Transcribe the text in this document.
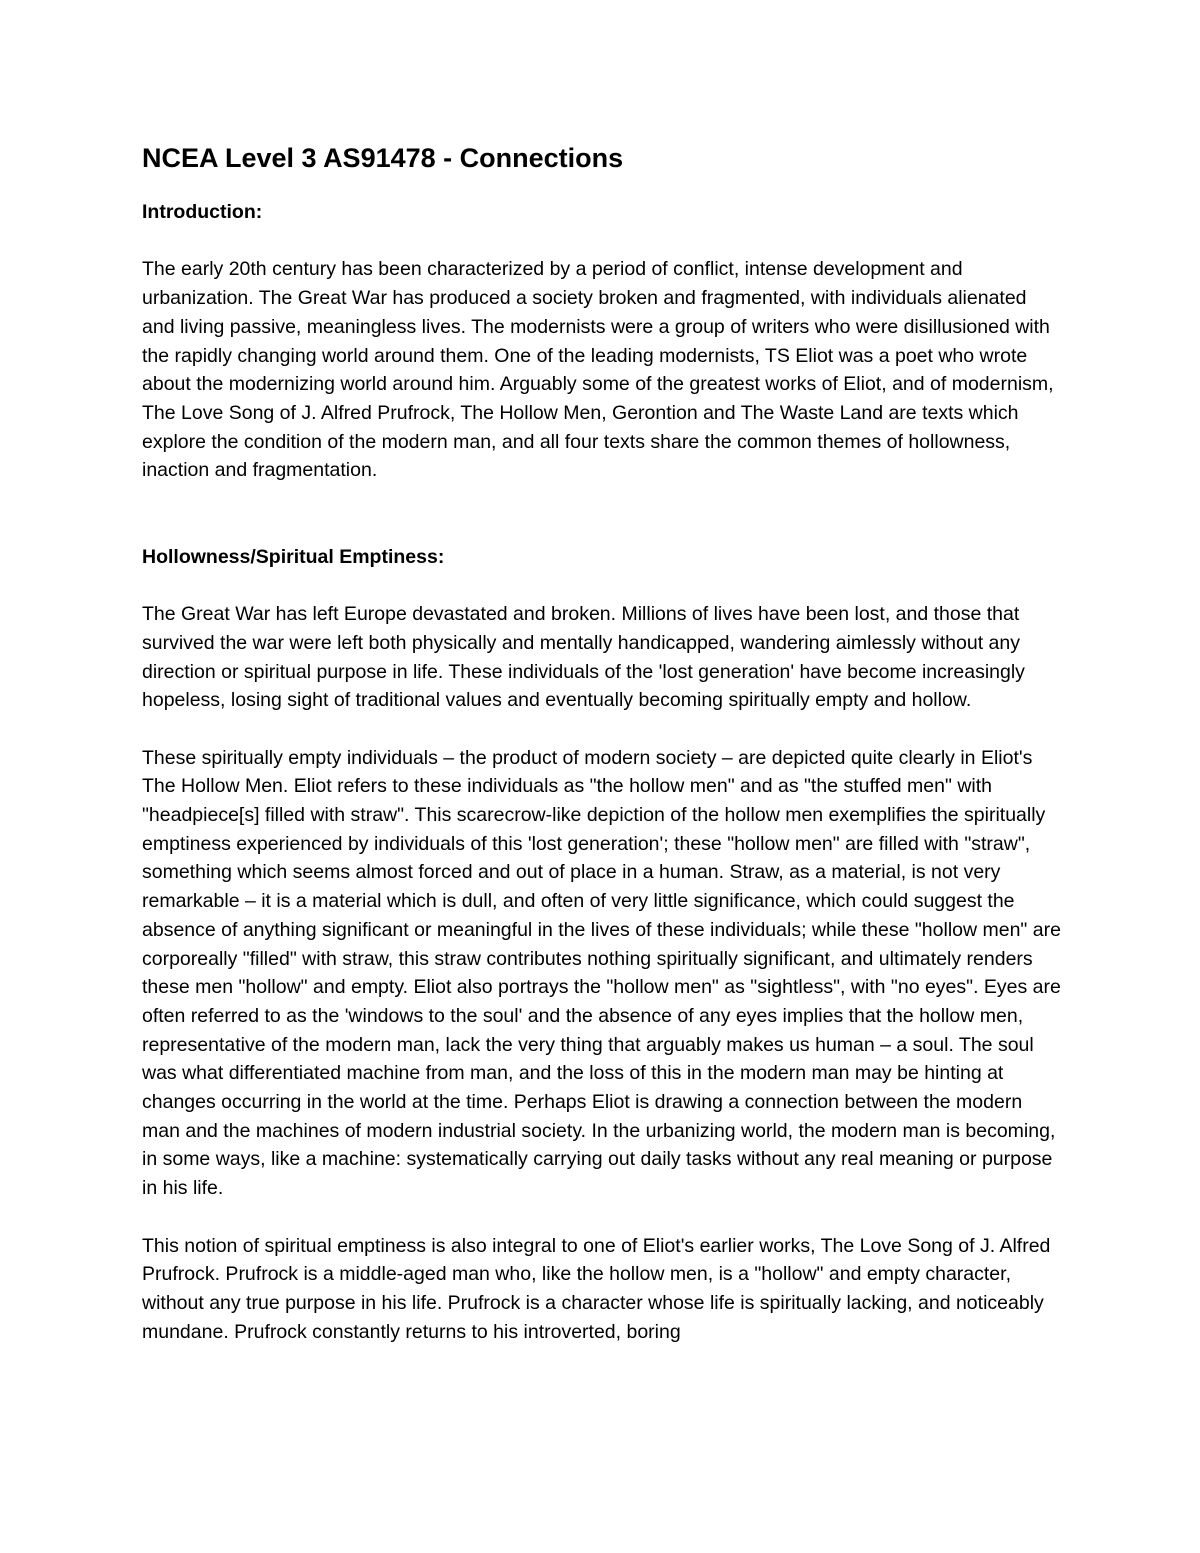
NCEA Level 3 AS91478 - Connections
Introduction:

The early 20th century has been characterized by a period of conflict, intense development and urbanization. The Great War has produced a society broken and fragmented, with individuals alienated and living passive, meaningless lives. The modernists were a group of writers who were disillusioned with the rapidly changing world around them. One of the leading modernists, TS Eliot was a poet who wrote about the modernizing world around him. Arguably some of the greatest works of Eliot, and of modernism, The Love Song of J. Alfred Prufrock, The Hollow Men, Gerontion and The Waste Land are texts which explore the condition of the modern man, and all four texts share the common themes of hollowness, inaction and fragmentation.

Hollowness/Spiritual Emptiness:

The Great War has left Europe devastated and broken. Millions of lives have been lost, and those that survived the war were left both physically and mentally handicapped, wandering aimlessly without any direction or spiritual purpose in life. These individuals of the 'lost generation' have become increasingly hopeless, losing sight of traditional values and eventually becoming spiritually empty and hollow.

These spiritually empty individuals – the product of modern society – are depicted quite clearly in Eliot's The Hollow Men. Eliot refers to these individuals as "the hollow men" and as "the stuffed men" with "headpiece[s] filled with straw". This scarecrow-like depiction of the hollow men exemplifies the spiritually emptiness experienced by individuals of this 'lost generation'; these "hollow men" are filled with "straw", something which seems almost forced and out of place in a human. Straw, as a material, is not very remarkable – it is a material which is dull, and often of very little significance, which could suggest the absence of anything significant or meaningful in the lives of these individuals; while these "hollow men" are corporeally "filled" with straw, this straw contributes nothing spiritually significant, and ultimately renders these men "hollow" and empty. Eliot also portrays the "hollow men" as "sightless", with "no eyes". Eyes are often referred to as the 'windows to the soul' and the absence of any eyes implies that the hollow men, representative of the modern man, lack the very thing that arguably makes us human – a soul. The soul was what differentiated machine from man, and the loss of this in the modern man may be hinting at changes occurring in the world at the time. Perhaps Eliot is drawing a connection between the modern man and the machines of modern industrial society. In the urbanizing world, the modern man is becoming, in some ways, like a machine: systematically carrying out daily tasks without any real meaning or purpose in his life.

This notion of spiritual emptiness is also integral to one of Eliot's earlier works, The Love Song of J. Alfred Prufrock. Prufrock is a middle-aged man who, like the hollow men, is a "hollow" and empty character, without any true purpose in his life. Prufrock is a character whose life is spiritually lacking, and noticeably mundane. Prufrock constantly returns to his introverted, boring
